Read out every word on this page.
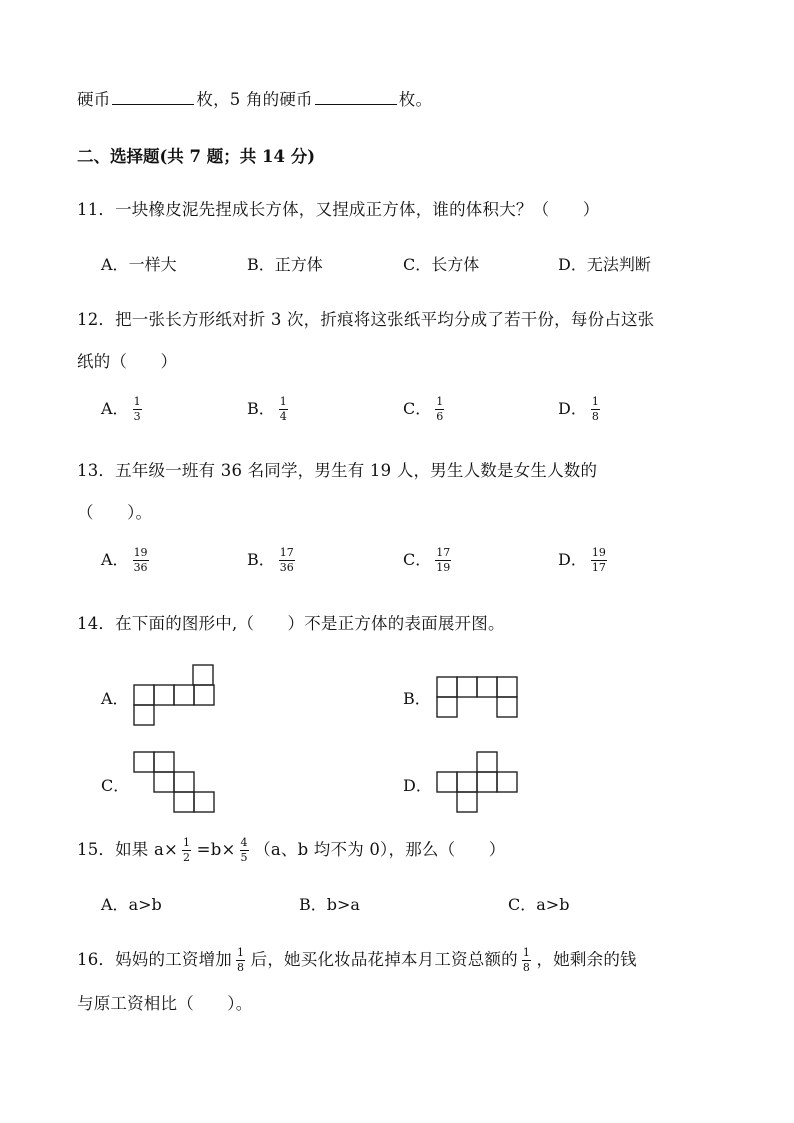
硬币	枚，5 角的硬币	枚。
二、选择题(共 7 题；共 14 分)
11．一块橡皮泥先捏成长方体，又捏成正方体，谁的体积大？（　　）
A．一样大	B．正方体	C．长方体	D．无法判断
12．把一张长方形纸对折 3 次，折痕将这张纸平均分成了若干份，每份占这张
纸的（　　）
A． $\frac{1}{3}$	B． $\frac{1}{4}$	C． $\frac{1}{6}$	D． $\frac{1}{8}$
13．五年级一班有 36 名同学，男生有 19 人，男生人数是女生人数的
（　　）。
A． $\frac{19}{36}$	B． $\frac{17}{36}$	C． $\frac{17}{19}$	D． $\frac{19}{17}$
14．在下面的图形中,（　　）不是正方体的表面展开图。
A．	B．
C．	D．
15．如果 $a\times \frac{1}{2} =b\times \frac{4}{5} (a$、b 均不为 0），那么（　　）
A．a>b	B．b>a	C．a>b
16．妈妈的工资增加 $\frac{1}{8}$ 后，她买化妆品花掉本月工资总额的 $\frac{1}{8}$ ，她剩余的钱
与原工资相比（　　）。
